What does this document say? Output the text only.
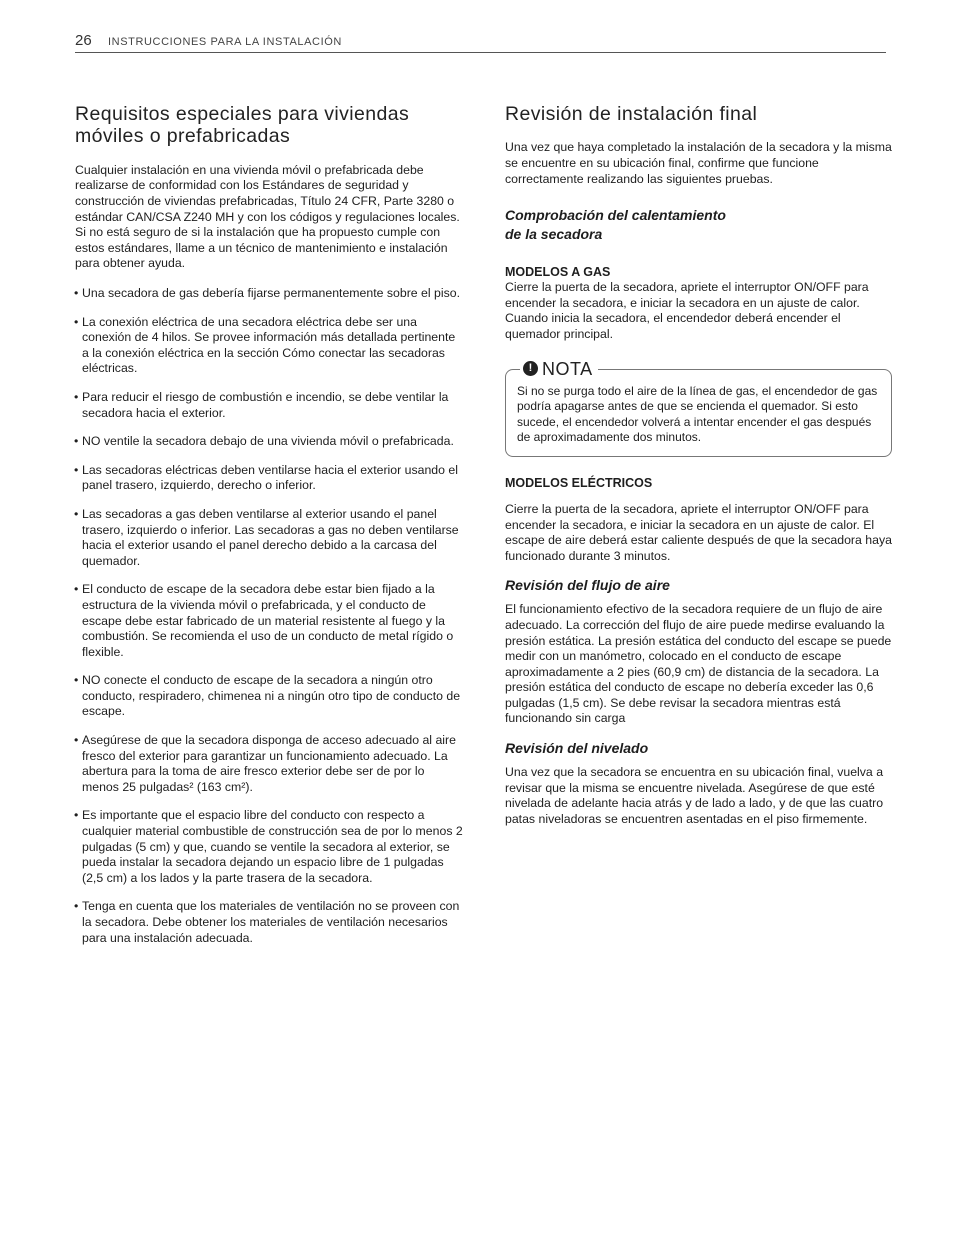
26 INSTRUCCIONES PARA LA INSTALACIÓN
Requisitos especiales para viviendas móviles o prefabricadas

Cualquier instalación en una vivienda móvil o prefabricada debe realizarse de conformidad con los Estándares de seguridad y construcción de viviendas prefabricadas, Título 24 CFR, Parte 3280 o estándar CAN/CSA Z240 MH y con los códigos y regulaciones locales. Si no está seguro de si la instalación que ha propuesto cumple con estos estándares, llame a un técnico de mantenimiento e instalación para obtener ayuda.

• Una secadora de gas debería fijarse permanentemente sobre el piso.
• La conexión eléctrica de una secadora eléctrica debe ser una conexión de 4 hilos. Se provee información más detallada pertinente a la conexión eléctrica en la sección Cómo conectar las secadoras eléctricas.
• Para reducir el riesgo de combustión e incendio, se debe ventilar la secadora hacia el exterior.
• NO ventile la secadora debajo de una vivienda móvil o prefabricada.
• Las secadoras eléctricas deben ventilarse hacia el exterior usando el panel trasero, izquierdo, derecho o inferior.
• Las secadoras a gas deben ventilarse al exterior usando el panel trasero, izquierdo o inferior. Las secadoras a gas no deben ventilarse hacia el exterior usando el panel derecho debido a la carcasa del quemador.
• El conducto de escape de la secadora debe estar bien fijado a la estructura de la vivienda móvil o prefabricada, y el conducto de escape debe estar fabricado de un material resistente al fuego y la combustión. Se recomienda el uso de un conducto de metal rígido o flexible.
• NO conecte el conducto de escape de la secadora a ningún otro conducto, respiradero, chimenea ni a ningún otro tipo de conducto de escape.
• Asegúrese de que la secadora disponga de acceso adecuado al aire fresco del exterior para garantizar un funcionamiento adecuado. La abertura para la toma de aire fresco exterior debe ser de por lo menos 25 pulgadas² (163 cm²).
• Es importante que el espacio libre del conducto con respecto a cualquier material combustible de construcción sea de por lo menos 2 pulgadas (5 cm) y que, cuando se ventile la secadora al exterior, se pueda instalar la secadora dejando un espacio libre de 1 pulgadas (2,5 cm) a los lados y la parte trasera de la secadora.
• Tenga en cuenta que los materiales de ventilación no se proveen con la secadora. Debe obtener los materiales de ventilación necesarios para una instalación adecuada.
Revisión de instalación final

Una vez que haya completado la instalación de la secadora y la misma se encuentre en su ubicación final, confirme que funcione correctamente realizando las siguientes pruebas.

Comprobación del calentamiento

de la secadora

MODELOS A GAS

Cierre la puerta de la secadora, apriete el interruptor ON/OFF para encender la secadora, e iniciar la secadora en un ajuste de calor. Cuando inicia la secadora, el encendedor deberá encender el quemador principal.

! NOTA

Si no se purga todo el aire de la línea de gas, el encendedor de gas podría apagarse antes de que se encienda el quemador. Si esto sucede, el encendedor volverá a intentar encender el gas después de aproximadamente dos minutos.

MODELOS ELÉCTRICOS

Cierre la puerta de la secadora, apriete el interruptor ON/OFF para encender la secadora, e iniciar la secadora en un ajuste de calor. El escape de aire deberá estar caliente después de que la secadora haya funcionado durante 3 minutos.

Revisión del flujo de aire

El funcionamiento efectivo de la secadora requiere de un flujo de aire adecuado. La corrección del flujo de aire puede medirse evaluando la presión estática. La presión estática del conducto del escape se puede medir con un manómetro, colocado en el conducto de escape aproximadamente a 2 pies (60,9 cm) de distancia de la secadora. La presión estática del conducto de escape no debería exceder las 0,6 pulgadas (1,5 cm). Se debe revisar la secadora mientras está funcionando sin carga

Revisión del nivelado

Una vez que la secadora se encuentra en su ubicación final, vuelva a revisar que la misma se encuentre nivelada. Asegúrese de que esté nivelada de adelante hacia atrás y de lado a lado, y de que las cuatro patas niveladoras se encuentren asentadas en el piso firmemente.
